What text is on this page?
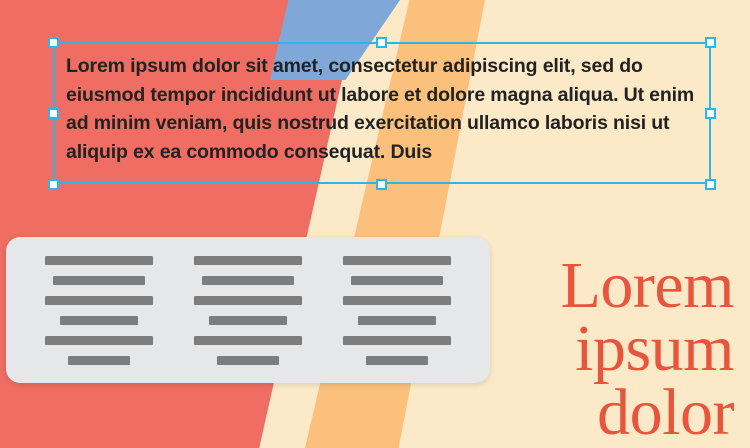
Lorem
ipsum
dolor
Lorem ipsum dolor sit amet, consectetur adipiscing elit, sed do eiusmod tempor incididunt ut labore et dolore magna aliqua. Ut enim ad minim veniam, quis nostrud exercitation ullamco laboris nisi ut aliquip ex ea commodo consequat. Duis
